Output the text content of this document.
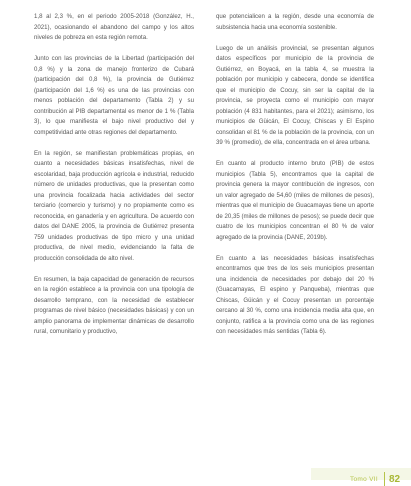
1,8 al 2,3 %, en el periodo 2005-2018 (González, H., 2021), ocasionando el abandono del campo y los altos niveles de pobreza en esta región remota.

Junto con las provincias de la Libertad (participación del 0,8 %) y la zona de manejo fronterizo de Cubará (participación del 0,8 %), la provincia de Gutiérrez (participación del 1,6 %) es una de las provincias con menos población del departamento (Tabla 2) y su contribución al PIB departamental es menor de 1 % (Tabla 3), lo que manifiesta el bajo nivel productivo del y competitividad ante otras regiones del departamento.

En la región, se manifiestan problemáticas propias, en cuanto a necesidades básicas insatisfechas, nivel de escolaridad, baja producción agrícola e industrial, reducido número de unidades productivas, que la presentan como una provincia focalizada hacia actividades del sector terciario (comercio y turismo) y no propiamente como es reconocida, en ganadería y en agricultura. De acuerdo con datos del DANE 2005, la provincia de Gutiérrez presenta 759 unidades productivas de tipo micro y una unidad productiva, de nivel medio, evidenciando la falta de producción consolidada de alto nivel.

En resumen, la baja capacidad de generación de recursos en la región establece a la provincia con una tipología de desarrollo temprano, con la necesidad de establecer programas de nivel básico (necesidades básicas) y con un amplio panorama de implementar dinámicas de desarrollo rural, comunitario y productivo,

que potencialicen a la región, desde una economía de subsistencia hacia una economía sostenible.

Luego de un análisis provincial, se presentan algunos datos específicos por municipio de la provincia de Gutiérrez, en Boyacá, en la tabla 4, se muestra la población por municipio y cabecera, donde se identifica que el municipio de Cocuy, sin ser la capital de la provincia, se proyecta como el municipio con mayor población (4 831 habitantes, para el 2021); asimismo, los municipios de Güicán, El Cocuy, Chiscas y El Espino consolidan el 81 % de la población de la provincia, con un 39 % (promedio), de ella, concentrada en el área urbana.

En cuanto al producto interno bruto (PIB) de estos municipios (Tabla 5), encontramos que la capital de provincia genera la mayor contribución de ingresos, con un valor agregado de 54,60 (miles de millones de pesos), mientras que el municipio de Guacamayas tiene un aporte de 20,35 (miles de millones de pesos); se puede decir que cuatro de los municipios concentran el 80 % de valor agregado de la provincia (DANE, 2019b).

En cuanto a las necesidades básicas insatisfechas encontramos que tres de los seis municipios presentan una incidencia de necesidades por debajo del 20 % (Guacamayas, El espino y Panqueba), mientras que Chiscas, Güicán y el Cocuy presentan un porcentaje cercano al 30 %, como una incidencia media alta que, en conjunto, ratifica a la provincia como una de las regiones con necesidades más sentidas (Tabla 6).

Tomo VII 82
